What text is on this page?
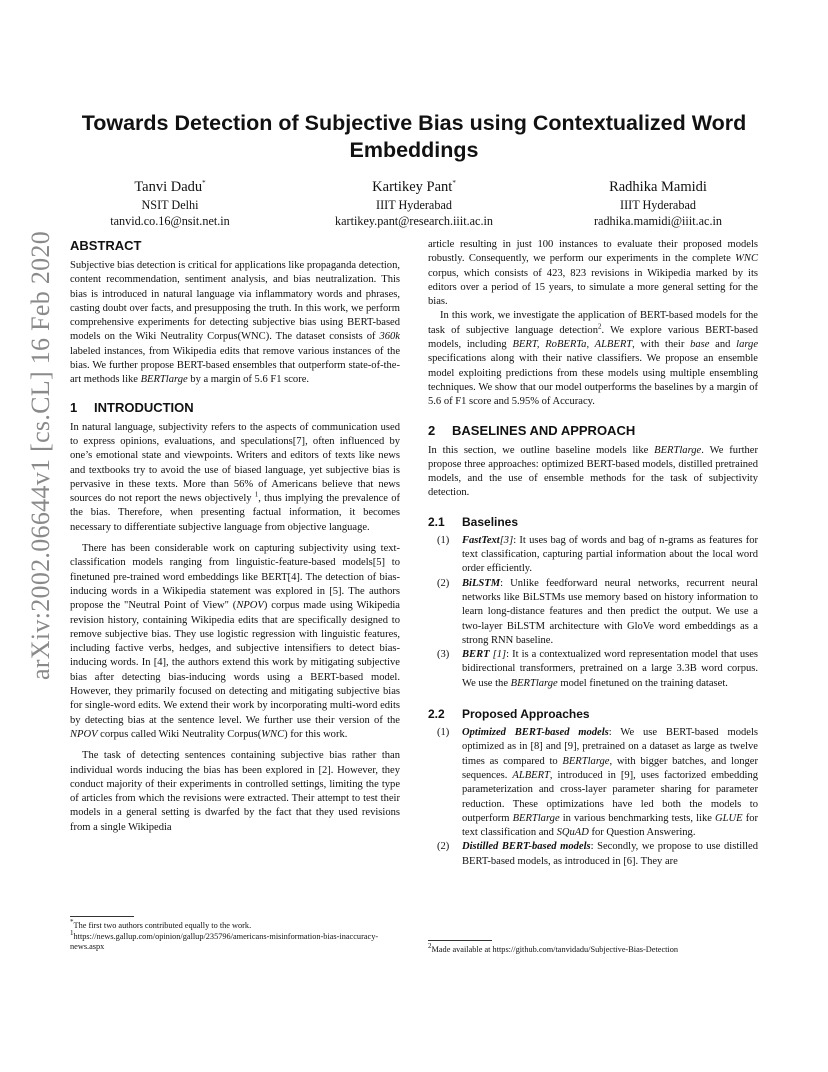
arXiv:2002.06644v1 [cs.CL] 16 Feb 2020
Towards Detection of Subjective Bias using Contextualized Word Embeddings
Tanvi Dadu*
NSIT Delhi
tanvid.co.16@nsit.net.in
Kartikey Pant*
IIIT Hyderabad
kartikey.pant@research.iiit.ac.in
Radhika Mamidi
IIIT Hyderabad
radhika.mamidi@iiit.ac.in
ABSTRACT

Subjective bias detection is critical for applications like propaganda detection, content recommendation, sentiment analysis, and bias neutralization. This bias is introduced in natural language via inflammatory words and phrases, casting doubt over facts, and presupposing the truth. In this work, we perform comprehensive experiments for detecting subjective bias using BERT-based models on the Wiki Neutrality Corpus(WNC). The dataset consists of 360k labeled instances, from Wikipedia edits that remove various instances of the bias. We further propose BERT-based ensembles that outperform state-of-the-art methods like BERTlarge by a margin of 5.6 F1 score.

1 INTRODUCTION

In natural language, subjectivity refers to the aspects of communication used to express opinions, evaluations, and speculations[7], often influenced by one’s emotional state and viewpoints. Writers and editors of texts like news and textbooks try to avoid the use of biased language, yet subjective bias is pervasive in these texts. More than 56% of Americans believe that news sources do not report the news objectively $^1$, thus implying the prevalence of the bias. Therefore, when presenting factual information, it becomes necessary to differentiate subjective language from objective language.

There has been considerable work on capturing subjectivity using text-classification models ranging from linguistic-feature-based models[5] to finetuned pre-trained word embeddings like BERT[4]. The detection of bias-inducing words in a Wikipedia statement was explored in [5]. The authors propose the "Neutral Point of View" (NPOV) corpus made using Wikipedia revision history, containing Wikipedia edits that are specifically designed to remove subjective bias. They use logistic regression with linguistic features, including factive verbs, hedges, and subjective intensifiers to detect bias-inducing words. In [4], the authors extend this work by mitigating subjective bias after detecting bias-inducing words using a BERT-based model. However, they primarily focused on detecting and mitigating subjective bias for single-word edits. We extend their work by incorporating multi-word edits by detecting bias at the sentence level. We further use their version of the NPOV corpus called Wiki Neutrality Corpus(WNC) for this work.

The task of detecting sentences containing subjective bias rather than individual words inducing the bias has been explored in [2]. However, they conduct majority of their experiments in controlled settings, limiting the type of articles from which the revisions were extracted. Their attempt to test their models in a general setting is dwarfed by the fact that they used revisions from a single Wikipedia

*The first two authors contributed equally to the work.
$^1$https://news.gallup.com/opinion/gallup/235796/americans-misinformation-bias-inaccuracy-news.aspx

article resulting in just 100 instances to evaluate their proposed models robustly. Consequently, we perform our experiments in the complete WNC corpus, which consists of 423, 823 revisions in Wikipedia marked by its editors over a period of 15 years, to simulate a more general setting for the bias.

In this work, we investigate the application of BERT-based models for the task of subjective language detection$^2$. We explore various BERT-based models, including BERT, RoBERTa, ALBERT, with their base and large specifications along with their native classifiers. We propose an ensemble model exploiting predictions from these models using multiple ensembling techniques. We show that our model outperforms the baselines by a margin of 5.6 of F1 score and 5.95% of Accuracy.

2 BASELINES AND APPROACH

In this section, we outline baseline models like BERTlarge. We further propose three approaches: optimized BERT-based models, distilled pretrained models, and the use of ensemble methods for the task of subjectivity detection.

2.1 Baselines
(1) FastText[3]: It uses bag of words and bag of n-grams as features for text classification, capturing partial information about the local word order efficiently.
(2) BiLSTM: Unlike feedforward neural networks, recurrent neural networks like BiLSTMs use memory based on history information to learn long-distance features and then predict the output. We use a two-layer BiLSTM architecture with GloVe word embeddings as a strong RNN baseline.
(3) BERT [1]: It is a contextualized word representation model that uses bidirectional transformers, pretrained on a large 3.3B word corpus. We use the BERTlarge model finetuned on the training dataset.
2.2 Proposed Approaches
(1) Optimized BERT-based models: We use BERT-based models optimized as in [8] and [9], pretrained on a dataset as large as twelve times as compared to BERTlarge, with bigger batches, and longer sequences. ALBERT, introduced in [9], uses factorized embedding parameterization and cross-layer parameter sharing for parameter reduction. These optimizations have led both the models to outperform BERTlarge in various benchmarking tests, like GLUE for text classification and SQuAD for Question Answering.
(2) Distilled BERT-based models: Secondly, we propose to use distilled BERT-based models, as introduced in [6]. They are
$^2$Made available at https://github.com/tanvidadu/Subjective-Bias-Detection
